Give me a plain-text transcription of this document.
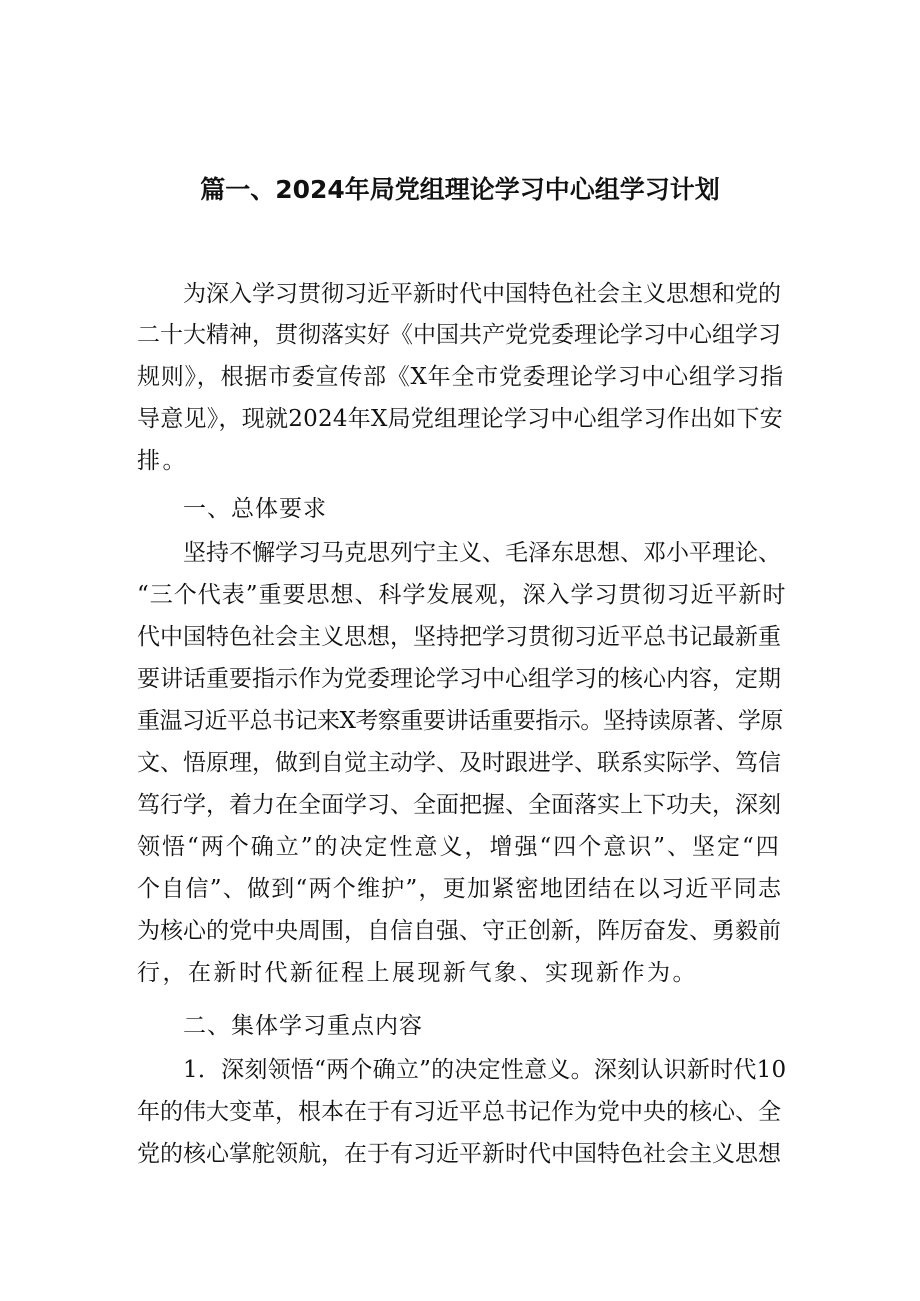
篇一、2024年局党组理论学习中心组学习计划
为深入学习贯彻习近平新时代中国特色社会主义思想和党的
二十大精神，贯彻落实好《中国共产党党委理论学习中心组学习
规则》，根据市委宣传部《X年全市党委理论学习中心组学习指
导意见》，现就2024年X局党组理论学习中心组学习作出如下安
排。
一、总体要求
坚持不懈学习马克思列宁主义、毛泽东思想、邓小平理论、
“三个代表”重要思想、科学发展观，深入学习贯彻习近平新时
代中国特色社会主义思想，坚持把学习贯彻习近平总书记最新重
要讲话重要指示作为党委理论学习中心组学习的核心内容，定期
重温习近平总书记来X考察重要讲话重要指示。坚持读原著、学原
文、悟原理，做到自觉主动学、及时跟进学、联系实际学、笃信
笃行学，着力在全面学习、全面把握、全面落实上下功夫，深刻
领悟“两个确立”的决定性意义，增强“四个意识”、坚定“四
个自信”、做到“两个维护”，更加紧密地团结在以习近平同志
为核心的党中央周围，自信自强、守正创新，阵厉奋发、勇毅前
行，在新时代新征程上展现新气象、实现新作为。
二、集体学习重点内容
1．深刻领悟“两个确立”的决定性意义。深刻认识新时代10
年的伟大变革，根本在于有习近平总书记作为党中央的核心、全
党的核心掌舵领航，在于有习近平新时代中国特色社会主义思想
